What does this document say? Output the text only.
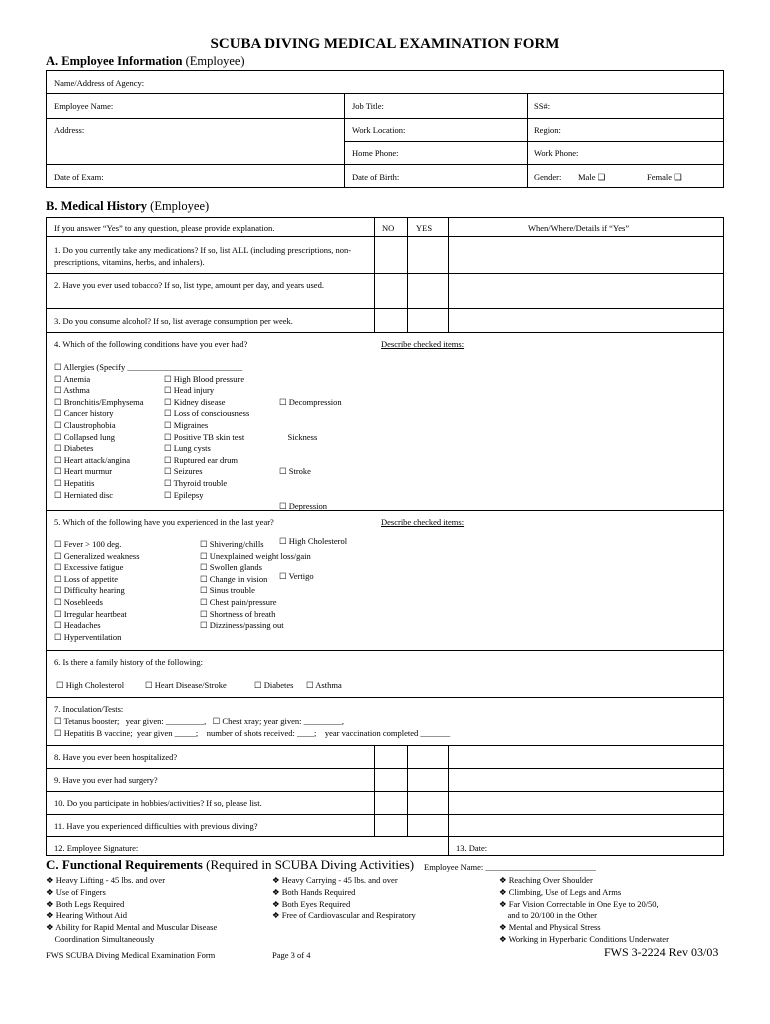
SCUBA DIVING MEDICAL EXAMINATION FORM
A. Employee Information (Employee)
Name/Address of Agency:
Employee Name:	Job Title:	SS#:
Address:	Work Location:	Region:
Home Phone:	Work Phone:
Date of Exam:	Date of Birth:	Gender: Male ❑	Female ❑
B. Medical History (Employee)
If you answer “Yes” to any question, please provide explanation.	NO	YES	When/Where/Details if “Yes”
1. Do you currently take any medications? If so, list ALL (including prescriptions, non-prescriptions, vitamins, herbs, and inhalers).
2. Have you ever used tobacco? If so, list type, amount per day, and years used.
3. Do you consume alcohol? If so, list average consumption per week.
4. Which of the following conditions have you ever had?	Describe checked items:
☐ Allergies (Specify ___________________________
☐ Anemia
☐ Asthma
☐ Bronchitis/Emphysema
☐ Cancer history
☐ Claustrophobia
☐ Collapsed lung
☐ Diabetes
☐ Heart attack/angina
☐ Heart murmur
☐ Hepatitis
☐ Herniated disc
☐ High Blood pressure
☐ Head injury
☐ Kidney disease
☐ Loss of consciousness
☐ Migraines
☐ Positive TB skin test
☐ Lung cysts
☐ Ruptured ear drum
☐ Seizures
☐ Thyroid trouble
☐ Epilepsy

☐ Decompression

Sickness

☐ Stroke

☐ Depression

☐ High Cholesterol

☐ Vertigo

5. Which of the following have you experienced in the last year?	Describe checked items:
☐ Fever > 100 deg.
☐ Generalized weakness
☐ Excessive fatigue
☐ Loss of appetite
☐ Difficulty hearing
☐ Nosebleeds
☐ Irregular heartbeat
☐ Headaches
☐ Hyperventilation
☐ Shivering/chills
☐ Unexplained weight loss/gain
☐ Swollen glands
☐ Change in vision
☐ Sinus trouble
☐ Chest pain/pressure
☐ Shortness of breath
☐ Dizziness/passing out
6. Is there a family history of the following:
☐ High Cholesterol ☐ Heart Disease/Stroke	☐ Diabetes ☐ Asthma
7. Inoculation/Tests:
☐ Tetanus booster;   year given: _________,   ☐ Chest xray; year given: _________,
☐ Hepatitis B vaccine;  year given _____;    number of shots received: ____;    year vaccination completed _______
8. Have you ever been hospitalized?
9. Have you ever had surgery?
10. Do you participate in hobbies/activities? If so, please list.
11. Have you experienced difficulties with previous diving?
12. Employee Signature:	13. Date:
C. Functional Requirements (Required in SCUBA Diving Activities) Employee Name: __________________________
❖ Heavy Lifting - 45 lbs. and over
❖ Use of Fingers
❖ Both Legs Required
❖ Hearing Without Aid
❖ Ability for Rapid Mental and Muscular Disease
Coordination Simultaneously
❖ Heavy Carrying - 45 lbs. and over
❖ Both Hands Required
❖ Both Eyes Required
❖ Free of Cardiovascular and Respiratory
❖ Reaching Over Shoulder
❖ Climbing, Use of Legs and Arms
❖ Far Vision Correctable in One Eye to 20/50,
and to 20/100 in the Other
❖ Mental and Physical Stress
❖ Working in Hyperbaric Conditions Underwater
FWS SCUBA Diving Medical Examination Form	Page 3 of 4	FWS 3-2224 Rev 03/03
